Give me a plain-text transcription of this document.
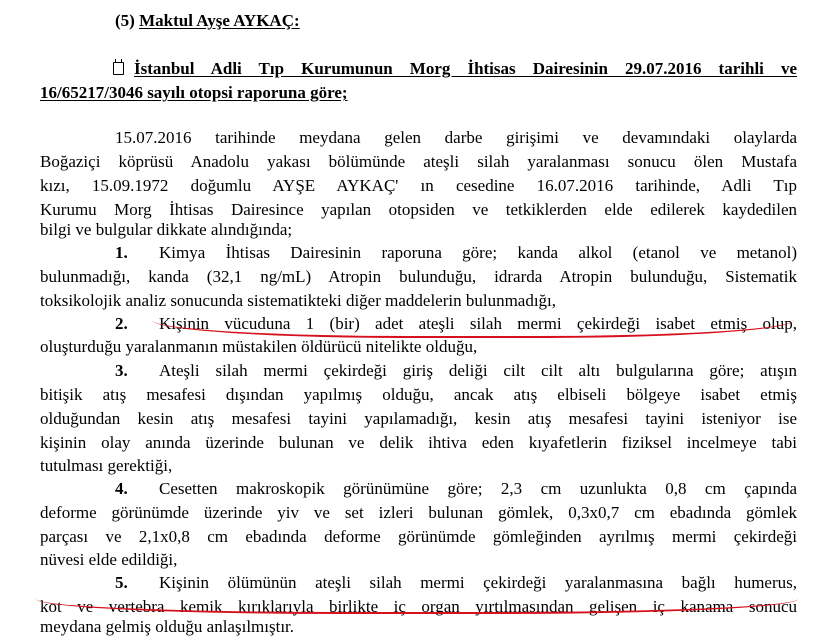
(5) Maktul Ayşe AYKAÇ:
İstanbul Adli Tıp Kurumunun Morg İhtisas Dairesinin 29.07.2016 tarihli ve
16/65217/3046 sayılı otopsi raporuna göre;
15.07.2016 tarihinde meydana gelen darbe girişimi ve devamındaki olaylarda
Boğaziçi köprüsü Anadolu yakası bölümünde ateşli silah yaralanması sonucu ölen Mustafa
kızı, 15.09.1972 doğumlu AYŞE AYKAÇ' ın cesedine 16.07.2016 tarihinde, Adli Tıp
Kurumu Morg İhtisas Dairesince yapılan otopsiden ve tetkiklerden elde edilerek kaydedilen
bilgi ve bulgular dikkate alındığında;
1. Kimya İhtisas Dairesinin raporuna göre; kanda alkol (etanol ve metanol)
bulunmadığı, kanda (32,1 ng/mL) Atropin bulunduğu, idrarda Atropin bulunduğu, Sistematik
toksikolojik analiz sonucunda sistematikteki diğer maddelerin bulunmadığı,
2. Kişinin vücuduna 1 (bir) adet ateşli silah mermi çekirdeği isabet etmiş olup,
oluşturduğu yaralanmanın müstakilen öldürücü nitelikte olduğu,
3. Ateşli silah mermi çekirdeği giriş deliği cilt cilt altı bulgularına göre; atışın
bitişik atış mesafesi dışından yapılmış olduğu, ancak atış elbiseli bölgeye isabet etmiş
olduğundan kesin atış mesafesi tayini yapılamadığı, kesin atış mesafesi tayini isteniyor ise
kişinin olay anında üzerinde bulunan ve delik ihtiva eden kıyafetlerin fiziksel incelmeye tabi
tutulması gerektiği,
4. Cesetten makroskopik görünümüne göre; 2,3 cm uzunlukta 0,8 cm çapında
deforme görünümde üzerinde yiv ve set izleri bulunan gömlek, 0,3x0,7 cm ebadında gömlek
parçası ve 2,1x0,8 cm ebadında deforme görünümde gömleğinden ayrılmış mermi çekirdeği
nüvesi elde edildiği,
5. Kişinin ölümünün ateşli silah mermi çekirdeği yaralanmasına bağlı humerus,
kot ve vertebra kemik kırıklarıyla birlikte iç organ yırtılmasından gelişen iç kanama sonucu
meydana gelmiş olduğu anlaşılmıştır.
